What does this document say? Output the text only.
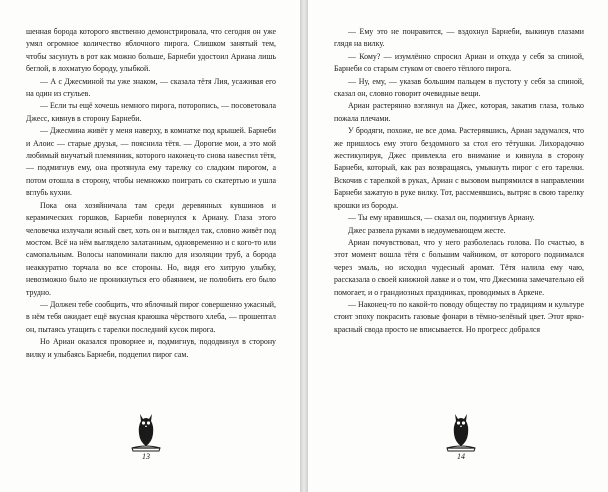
шенная борода которого явственно демонстрировала, что сегодня он уже умял огромное количество яблочного пирога. Слишком занятый тем, чтобы засунуть в рот как можно больше, Барнеби удостоил Ариана лишь беглой, в лохматую бороду, улыбкой.

— А с Джесминой ты уже знаком, — сказала тётя Лия, усаживая его на один из стульев.

— Если ты ещё хочешь немного пирога, поторопись, — посоветовала Джесс, кивнув в сторону Барнеби.

— Джесмина живёт у меня наверху, в комнатке под крышей. Барнеби и Алоис — старые друзья, — пояснила тётя. — Дорогие мои, а это мой любимый внучатый племянник, которого наконец-то снова навестил тётя, — подмигнув ему, она протянула ему тарелку со сладким пирогом, а потом отошла в сторону, чтобы немножко поиграть со скатертью и ушла вглубь кухни.

Пока она хозяйничала там среди деревянных кувшинов и керамических горшков, Барнеби повернулся к Ариану. Глаза этого человечка излучали ясный свет, хоть он и выглядел так, словно живёт под мостом. Всё на нём выглядело залатанным, одновременно и с кого-то или самопальным. Волосы напоминали паклю для изоляции труб, а борода неаккуратно торчала во все стороны. Но, видя его хитрую улыбку, невозможно было не проникнуться его обаянием, не полюбить его было трудно.

— Должен тебе сообщить, что яблочный пирог совершенно ужасный, в нём тебя ожидает ещё вкусная краюшка чёрствого хлеба, — прошептал он, пытаясь утащить с тарелки последний кусок пирога.

Но Ариан оказался проворнее и, подмигнув, пододвинул в сторону вилку и улыбаясь Барнеби, подцепил пирог сам.

13

— Ему это не понравится, — вздохнул Барнеби, выкинув глазами глядя на вилку.

— Кому? — изумлённо спросил Ариан и откуда у себя за спиной, Барнеби со старым стуком от своего тёплого пирога.

— Ну, ему, — указав большим пальцем в пустоту у себя за спиной, сказал он, словно говорит очевидные вещи.

Ариан растерянно взглянул на Джес, которая, закатив глаза, только пожала плечами.

У бродяги, похоже, не все дома. Растерявшись, Ариан задумался, что же пришлось ему этого бездомного за стол его тётушки. Лихорадочно жестикулируя, Джес привлекла его внимание и кивнула в сторону Барнеби, который, как раз возвращаясь, умыкнуть пирог с его тарелки. Вскочив с тарелкой в руках, Ариан с вызовом выпрямился в направлении Барнеби зажатую в руке вилку. Тот, рассмеявшись, вытряс в свою тарелку крошки из бороды.

— Ты ему нравишься, — сказал он, подмигнув Ариану.

Джес развела руками в недоумевающем жесте.

Ариан почувствовал, что у него разболелась голова. По счастью, в этот момент вошла тётя с большим чайником, от которого поднимался через эмаль, но исходил чудесный аромат. Тётя налила ему чаю, рассказала о своей книжной лавке и о том, что Джесмина замечательно ей помогает, и о грандиозных праздниках, проводимых в Аркене.

— Наконец-то по какой-то поводу обществу по традициям и культуре стоит эпоху покрасить газовые фонари в тёмно-зелёный цвет. Этот ярко-красный свода просто не вписывается. Но прогресс добрался

14
